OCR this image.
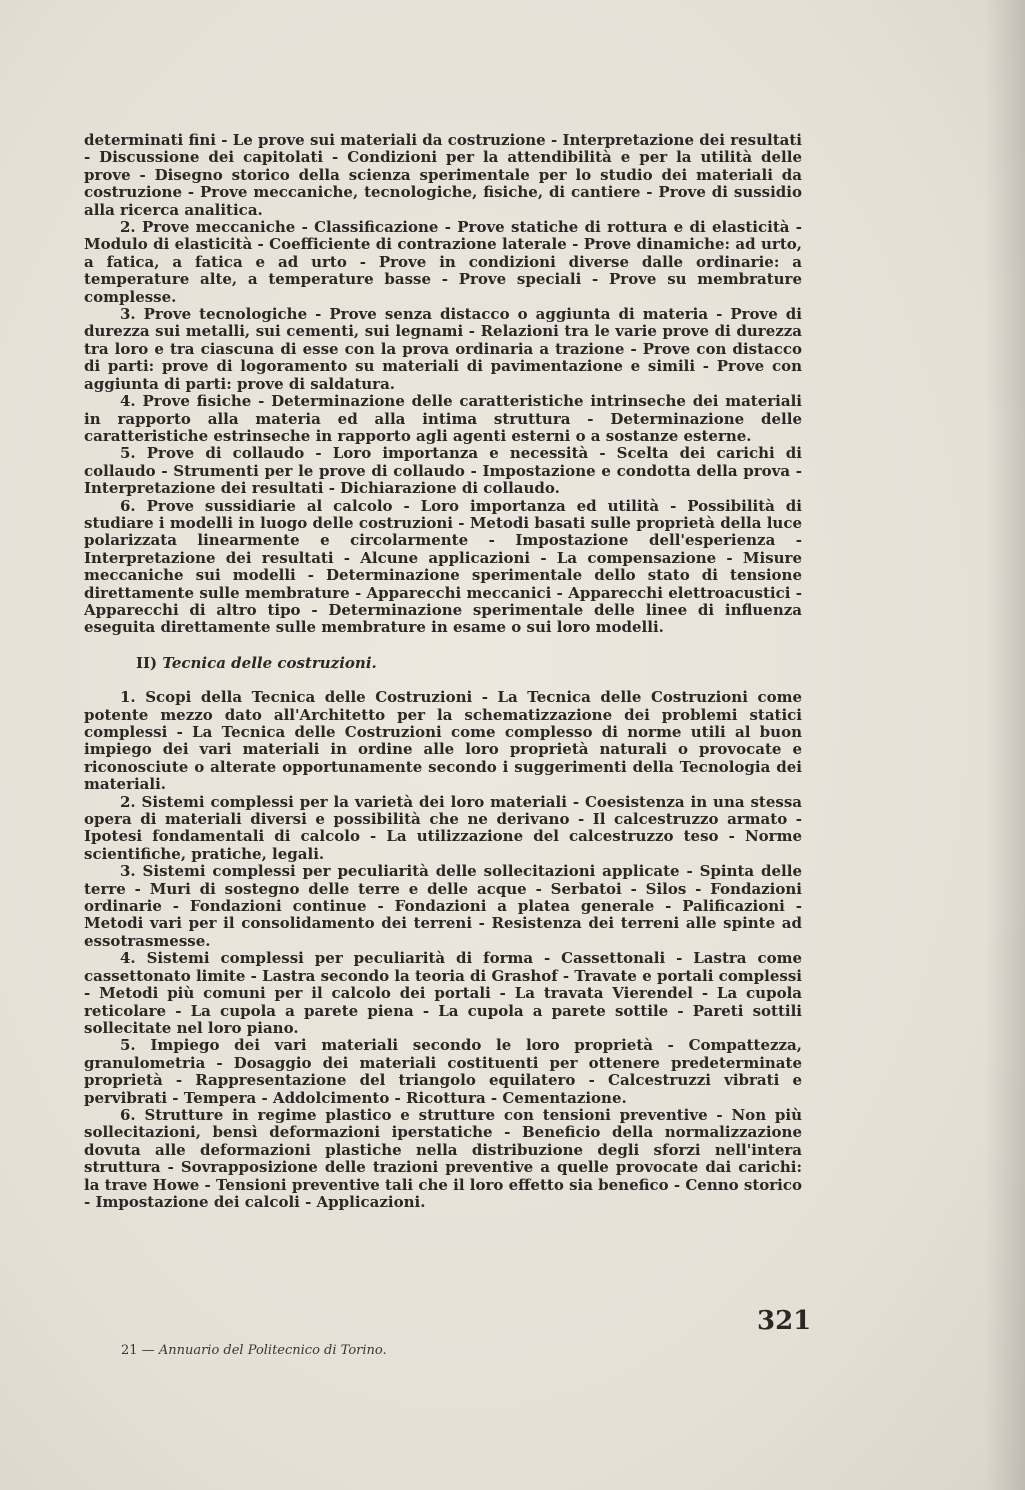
determinati fini - Le prove sui materiali da costruzione - Interpretazione dei resultati - Discussione dei capitolati - Condizioni per la attendibilità e per la utilità delle prove - Disegno storico della scienza sperimentale per lo studio dei materiali da costruzione - Prove meccaniche, tecnologiche, fisiche, di cantiere - Prove di sussidio alla ricerca analitica.

2. Prove meccaniche - Classificazione - Prove statiche di rottura e di elasticità - Modulo di elasticità - Coefficiente di contrazione laterale - Prove dinamiche: ad urto, a fatica, a fatica e ad urto - Prove in condizioni diverse dalle ordinarie: a temperature alte, a temperature basse - Prove speciali - Prove su membrature complesse.

3. Prove tecnologiche - Prove senza distacco o aggiunta di materia - Prove di durezza sui metalli, sui cementi, sui legnami - Relazioni tra le varie prove di durezza tra loro e tra ciascuna di esse con la prova ordinaria a trazione - Prove con distacco di parti: prove di logoramento su materiali di pavimentazione e simili - Prove con aggiunta di parti: prove di saldatura.

4. Prove fisiche - Determinazione delle caratteristiche intrinseche dei materiali in rapporto alla materia ed alla intima struttura - Determinazione delle caratteristiche estrinseche in rapporto agli agenti esterni o a sostanze esterne.

5. Prove di collaudo - Loro importanza e necessità - Scelta dei carichi di collaudo - Strumenti per le prove di collaudo - Impostazione e condotta della prova - Interpretazione dei resultati - Dichiarazione di collaudo.

6. Prove sussidiarie al calcolo - Loro importanza ed utilità - Possibilità di studiare i modelli in luogo delle costruzioni - Metodi basati sulle proprietà della luce polarizzata linearmente e circolarmente - Impostazione dell'esperienza - Interpretazione dei resultati - Alcune applicazioni - La compensazione - Misure meccaniche sui modelli - Determinazione sperimentale dello stato di tensione direttamente sulle membrature - Apparecchi meccanici - Apparecchi elettroacustici - Apparecchi di altro tipo - Determinazione sperimentale delle linee di influenza eseguita direttamente sulle membrature in esame o sui loro modelli.

II) Tecnica delle costruzioni.

1. Scopi della Tecnica delle Costruzioni - La Tecnica delle Costruzioni come potente mezzo dato all'Architetto per la schematizzazione dei problemi statici complessi - La Tecnica delle Costruzioni come complesso di norme utili al buon impiego dei vari materiali in ordine alle loro proprietà naturali o provocate e riconosciute o alterate opportunamente secondo i suggerimenti della Tecnologia dei materiali.

2. Sistemi complessi per la varietà dei loro materiali - Coesistenza in una stessa opera di materiali diversi e possibilità che ne derivano - Il calcestruzzo armato - Ipotesi fondamentali di calcolo - La utilizzazione del calcestruzzo teso - Norme scientifiche, pratiche, legali.

3. Sistemi complessi per peculiarità delle sollecitazioni applicate - Spinta delle terre - Muri di sostegno delle terre e delle acque - Serbatoi - Silos - Fondazioni ordinarie - Fondazioni continue - Fondazioni a platea generale - Palificazioni - Metodi vari per il consolidamento dei terreni - Resistenza dei terreni alle spinte ad essotrasmesse.

4. Sistemi complessi per peculiarità di forma - Cassettonali - Lastra come cassettonato limite - Lastra secondo la teoria di Grashof - Travate e portali complessi - Metodi più comuni per il calcolo dei portali - La travata Vierendel - La cupola reticolare - La cupola a parete piena - La cupola a parete sottile - Pareti sottili sollecitate nel loro piano.

5. Impiego dei vari materiali secondo le loro proprietà - Compattezza, granulometria - Dosaggio dei materiali costituenti per ottenere predeterminate proprietà - Rappresentazione del triangolo equilatero - Calcestruzzi vibrati e pervibrati - Tempera - Addolcimento - Ricottura - Cementazione.

6. Strutture in regime plastico e strutture con tensioni preventive - Non più sollecitazioni, bensì deformazioni iperstatiche - Beneficio della normalizzazione dovuta alle deformazioni plastiche nella distribuzione degli sforzi nell'intera struttura - Sovrapposizione delle trazioni preventive a quelle provocate dai carichi: la trave Howe - Tensioni preventive tali che il loro effetto sia benefico - Cenno storico - Impostazione dei calcoli - Applicazioni.

321
21 — Annuario del Politecnico di Torino.
